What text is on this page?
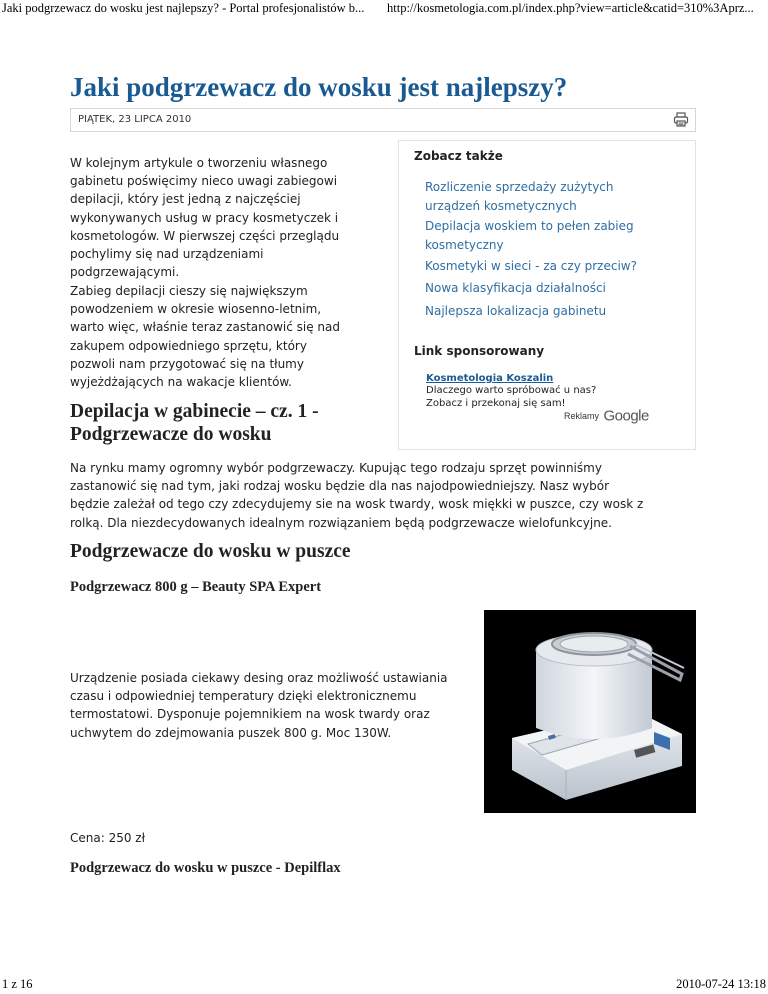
Jaki podgrzewacz do wosku jest najlepszy? - Portal profesjonalistów b... http://kosmetologia.com.pl/index.php?view=article&catid=310%3Aprz...
Jaki podgrzewacz do wosku jest najlepszy?
PIĄTEK, 23 LIPCA 2010
W kolejnym artykule o tworzeniu własnego
gabinetu poświęcimy nieco uwagi zabiegowi
depilacji, który jest jedną z najczęściej
wykonywanych usług w pracy kosmetyczek i
kosmetologów. W pierwszej części przeglądu
pochylimy się nad urządzeniami
podgrzewającymi.
Zabieg depilacji cieszy się największym
powodzeniem w okresie wiosenno-letnim,
warto więc, właśnie teraz zastanowić się nad
zakupem odpowiedniego sprzętu, który
pozwoli nam przygotować się na tłumy
wyjeżdżających na wakacje klientów.
Depilacja w gabinecie – cz. 1 -
Podgrzewacze do wosku
Zobacz także
Rozliczenie sprzedaży zużytych
urządzeń kosmetycznych
Depilacja woskiem to pełen zabieg
kosmetyczny
Kosmetyki w sieci - za czy przeciw?
Nowa klasyfikacja działalności
Najlepsza lokalizacja gabinetu
Link sponsorowany
Kosmetologia Koszalin
Dlaczego warto spróbować u nas?
Zobacz i przekonaj się sam!
Reklamy Google
Na rynku mamy ogromny wybór podgrzewaczy. Kupując tego rodzaju sprzęt powinniśmy
zastanowić się nad tym, jaki rodzaj wosku będzie dla nas najodpowiedniejszy. Nasz wybór
będzie zależał od tego czy zdecydujemy sie na wosk twardy, wosk miękki w puszce, czy wosk z
rolką. Dla niezdecydowanych idealnym rozwiązaniem będą podgrzewacze wielofunkcyjne.
Podgrzewacze do wosku w puszce
Podgrzewacz 800 g – Beauty SPA Expert
Urządzenie posiada ciekawy desing oraz możliwość ustawiania
czasu i odpowiedniej temperatury dzięki elektronicznemu
termostatowi. Dysponuje pojemnikiem na wosk twardy oraz
uchwytem do zdejmowania puszek 800 g. Moc 130W.
Cena: 250 zł
Podgrzewacz do wosku w puszce - Depilflax
1 z 16	2010-07-24 13:18
